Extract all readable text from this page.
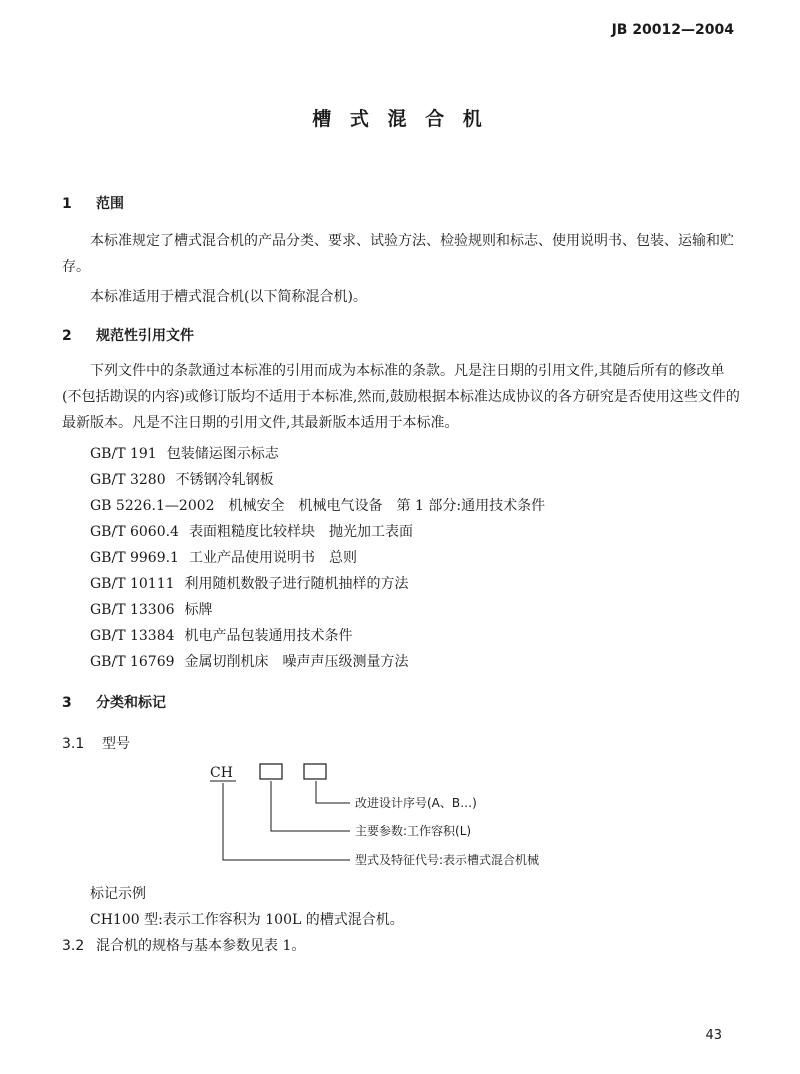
JB 20012—2004
槽 式 混 合 机
1 范围
本标准规定了槽式混合机的产品分类、要求、试验方法、检验规则和标志、使用说明书、包装、运输和贮存。
本标准适用于槽式混合机(以下简称混合机)。
2 规范性引用文件
下列文件中的条款通过本标准的引用而成为本标准的条款。凡是注日期的引用文件,其随后所有的修改单(不包括勘误的内容)或修订版均不适用于本标准,然而,鼓励根据本标准达成协议的各方研究是否使用这些文件的最新版本。凡是不注日期的引用文件,其最新版本适用于本标准。
GB/T 191 包装储运图示标志
GB/T 3280 不锈钢冷轧钢板
GB 5226.1—2002 机械安全　机械电气设备　第 1 部分:通用技术条件
GB/T 6060.4 表面粗糙度比较样块　抛光加工表面
GB/T 9969.1 工业产品使用说明书　总则
GB/T 10111 利用随机数骰子进行随机抽样的方法
GB/T 13306 标牌
GB/T 13384 机电产品包装通用技术条件
GB/T 16769 金属切削机床　噪声声压级测量方法
3 分类和标记
3.1 型号
CH
改进设计序号(A、B…)
主要参数:工作容积(L)
型式及特征代号:表示槽式混合机械
标记示例
CH100 型:表示工作容积为 100L 的槽式混合机。
3.2 混合机的规格与基本参数见表 1。
43
